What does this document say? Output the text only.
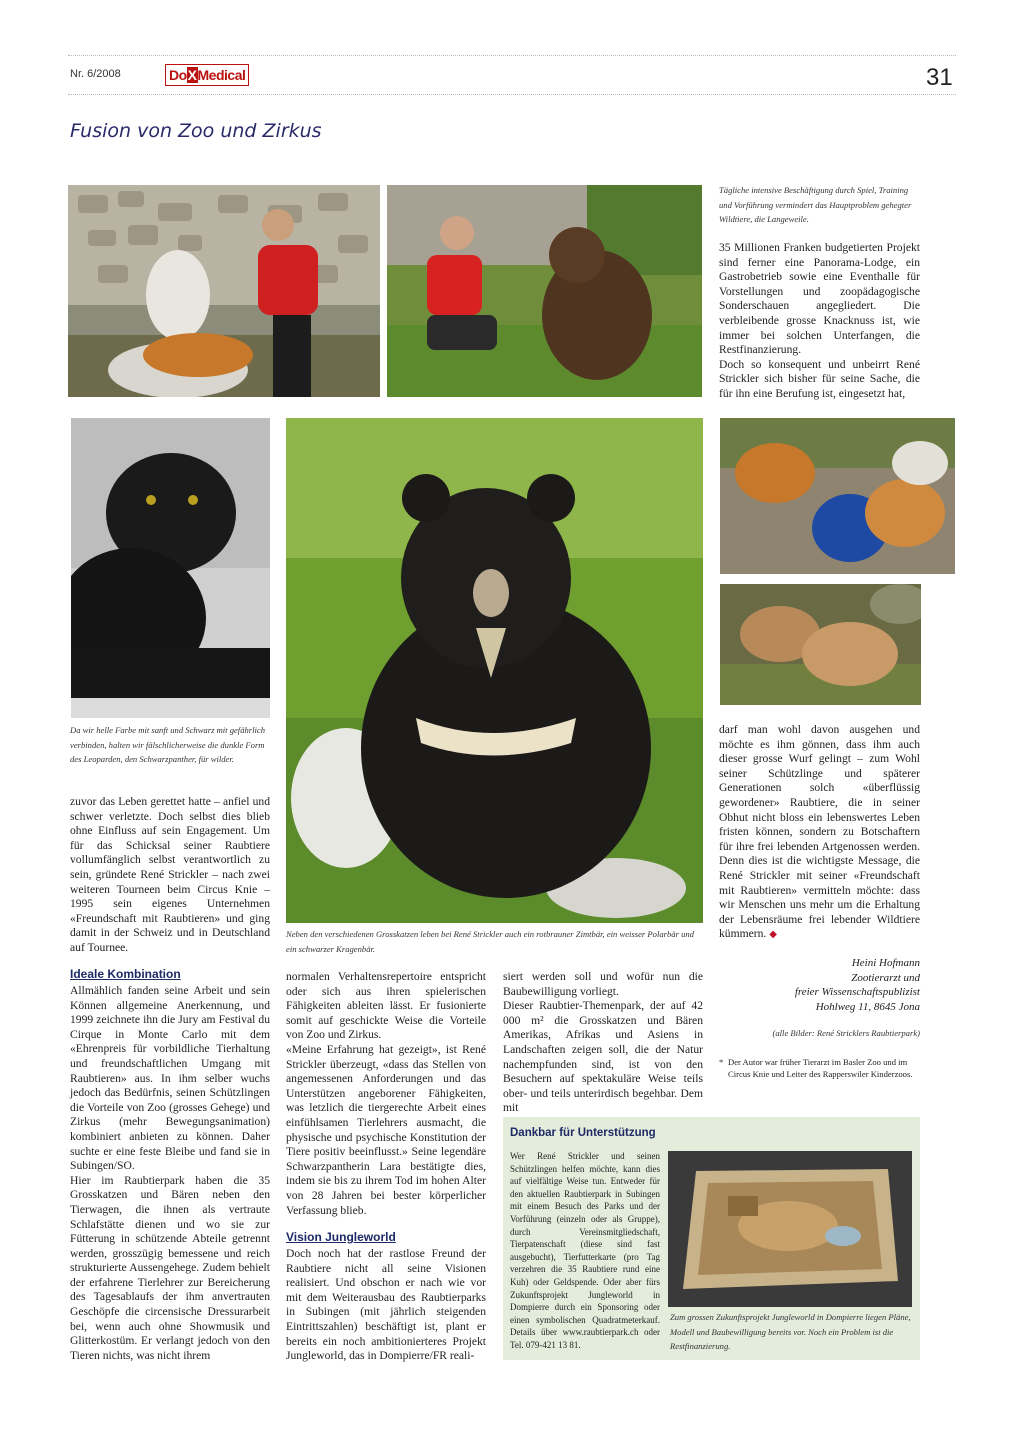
Nr. 6/2008	DoXMedical	31
Fusion von Zoo und Zirkus
Tägliche intensive Beschäftigung durch Spiel, Training und Vorführung vermindert das Hauptproblem gehegter Wildtiere, die Langeweile.

35 Millionen Franken budgetierten Projekt sind ferner eine Panorama-Lodge, ein Gastrobetrieb sowie eine Eventhalle für Vorstellungen und zoopädagogische Sonderschauen angegliedert. Die verbleibende grosse Knacknuss ist, wie immer bei solchen Unterfangen, die Restfinanzierung.

Doch so konsequent und unbeirrt René Strickler sich bisher für seine Sache, die für ihn eine Berufung ist, eingesetzt hat,

Da wir helle Farbe mit sanft und Schwarz mit gefährlich verbinden, halten wir fälschlicherweise die dunkle Form des Leoparden, den Schwarzpanther, für wilder.

darf man wohl davon ausgehen und möchte es ihm gönnen, dass ihm auch dieser grosse Wurf gelingt – zum Wohl seiner Schützlinge und späterer Generationen solch «überflüssig gewordener» Raubtiere, die in seiner Obhut nicht bloss ein lebenswertes Leben fristen können, sondern zu Botschaftern für ihre frei lebenden Artgenossen werden. Denn dies ist die wichtigste Message, die René Strickler mit seiner «Freundschaft mit Raubtieren» vermitteln möchte: dass wir Menschen uns mehr um die Erhaltung der Lebensräume frei lebender Wildtiere kümmern. ◆

zuvor das Leben gerettet hatte – anfiel und schwer verletzte. Doch selbst dies blieb ohne Einfluss auf sein Engagement. Um für das Schicksal seiner Raubtiere vollumfänglich selbst verantwortlich zu sein, gründete René Strickler – nach zwei weiteren Tourneen beim Circus Knie – 1995 sein eigenes Unternehmen «Freundschaft mit Raubtieren» und ging damit in der Schweiz und in Deutschland auf Tournee.

Neben den verschiedenen Grosskatzen leben bei René Strickler auch ein rotbrauner Zimtbär, ein weisser Polarbär und ein schwarzer Kragenbär.
Heini Hofmann
Zootierarzt und
freier Wissenschaftspublizist
Hohlweg 11, 8645 Jona
(alle Bilder: René Stricklers Raubtierpark)
* Der Autor war früher Tierarzt im Basler Zoo und im Circus Knie und Leiter des Rapperswiler Kinderzoos.
Ideale Kombination

Allmählich fanden seine Arbeit und sein Können allgemeine Anerkennung, und 1999 zeichnete ihn die Jury am Festival du Cirque in Monte Carlo mit dem «Ehrenpreis für vorbildliche Tierhaltung und freundschaftlichen Umgang mit Raubtieren» aus. In ihm selber wuchs jedoch das Bedürfnis, seinen Schützlingen die Vorteile von Zoo (grosses Gehege) und Zirkus (mehr Bewegungsanimation) kombiniert anbieten zu können. Daher suchte er eine feste Bleibe und fand sie in Subingen/SO.

Hier im Raubtierpark haben die 35 Grosskatzen und Bären neben den Tierwagen, die ihnen als vertraute Schlafstätte dienen und wo sie zur Fütterung in schützende Abteile getrennt werden, grosszügig bemessene und reich strukturierte Aussengehege. Zudem behielt der erfahrene Tierlehrer zur Bereicherung des Tagesablaufs der ihm anvertrauten Geschöpfe die circensische Dressurarbeit bei, wenn auch ohne Showmusik und Glitterkostüm. Er verlangt jedoch von den Tieren nichts, was nicht ihrem

normalen Verhaltensrepertoire entspricht oder sich aus ihren spielerischen Fähigkeiten ableiten lässt. Er fusionierte somit auf geschickte Weise die Vorteile von Zoo und Zirkus.

«Meine Erfahrung hat gezeigt», ist René Strickler überzeugt, «dass das Stellen von angemessenen Anforderungen und das Unterstützen angeborener Fähigkeiten, was letzlich die tiergerechte Arbeit eines einfühlsamen Tierlehrers ausmacht, die physische und psychische Konstitution der Tiere positiv beeinflusst.» Seine legendäre Schwarzpantherin Lara bestätigte dies, indem sie bis zu ihrem Tod im hohen Alter von 28 Jahren bei bester körperlicher Verfassung blieb.

Vision Jungleworld

Doch noch hat der rastlose Freund der Raubtiere nicht all seine Visionen realisiert. Und obschon er nach wie vor mit dem Weiterausbau des Raubtierparks in Subingen (mit jährlich steigenden Eintrittszahlen) beschäftigt ist, plant er bereits ein noch ambitionierteres Projekt Jungleworld, das in Dompierre/FR reali-

siert werden soll und wofür nun die Baubewilligung vorliegt.

Dieser Raubtier-Themenpark, der auf 42 000 m² die Grosskatzen und Bären Amerikas, Afrikas und Asiens in Landschaften zeigen soll, die der Natur nachempfunden sind, ist von den Besuchern auf spektakuläre Weise teils ober- und teils unterirdisch begehbar. Dem mit

Dankbar für Unterstützung
Wer René Strickler und seinen Schützlingen helfen möchte, kann dies auf vielfältige Weise tun. Entweder für den aktuellen Raubtierpark in Subingen mit einem Besuch des Parks und der Vorführung (einzeln oder als Gruppe), durch Vereinsmitgliedschaft, Tierpatenschaft (diese sind fast ausgebucht), Tierfutterkarte (pro Tag verzehren die 35 Raubtiere rund eine Kuh) oder Geldspende. Oder aber fürs Zukunftsprojekt Jungleworld in Dompierre durch ein Sponsoring oder einen symbolischen Quadratmeterkauf. Details über www.raubtierpark.ch oder Tel. 079-421 13 81.
Zum grossen Zukunftsprojekt Jungleworld in Dompierre liegen Pläne, Modell und Baubewilligung bereits vor. Noch ein Problem ist die Restfinanzierung.
